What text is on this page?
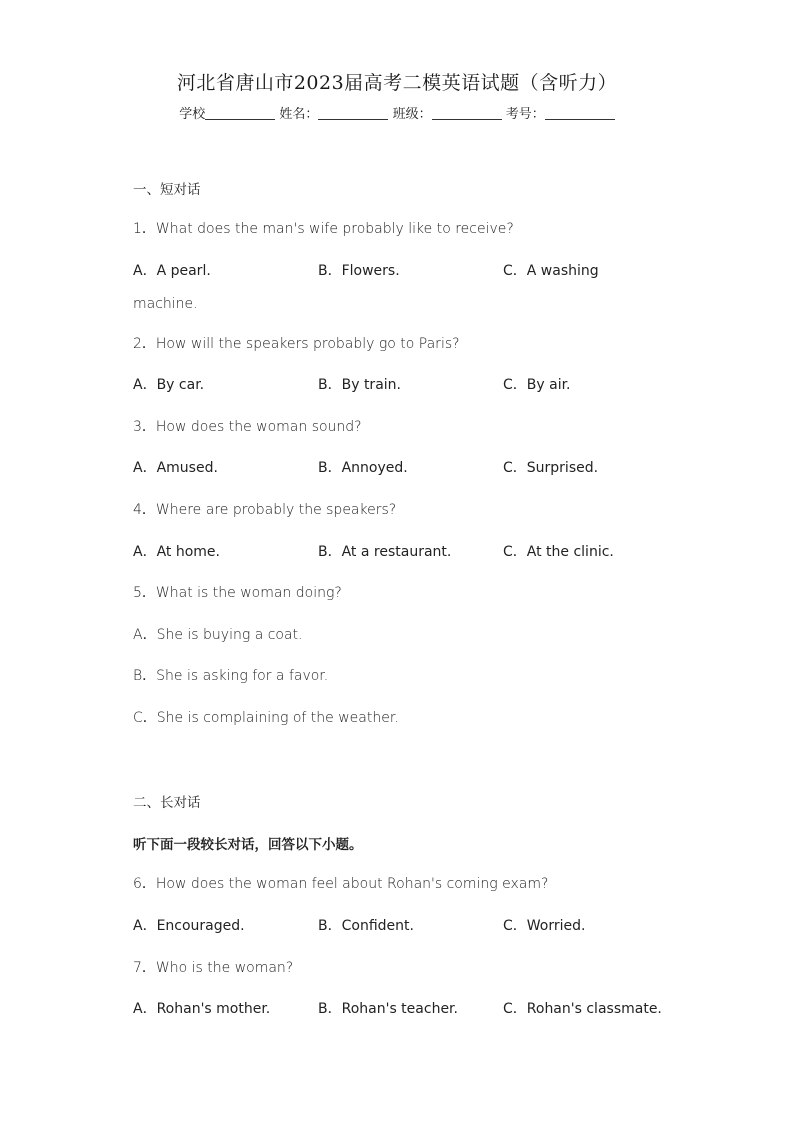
河北省唐山市2023届高考二模英语试题（含听力）
学校	姓名：	班级：	考号：
一、短对话
1．What does the man's wife probably like to receive?
A．A pearl.	B．Flowers.	C．A washing
machine.
2．How will the speakers probably go to Paris?
A．By car.	B．By train.	C．By air.
3．How does the woman sound?
A．Amused.	B．Annoyed.	C．Surprised.
4．Where are probably the speakers?
A．At home.	B．At a restaurant.	C．At the clinic.
5．What is the woman doing?
A．She is buying a coat.
B．She is asking for a favor.
C．She is complaining of the weather.
二、长对话
听下面一段较长对话，回答以下小题。
6．How does the woman feel about Rohan's coming exam?
A．Encouraged.	B．Confident.	C．Worried.
7．Who is the woman?
A．Rohan's mother.	B．Rohan's teacher.	C．Rohan's classmate.
